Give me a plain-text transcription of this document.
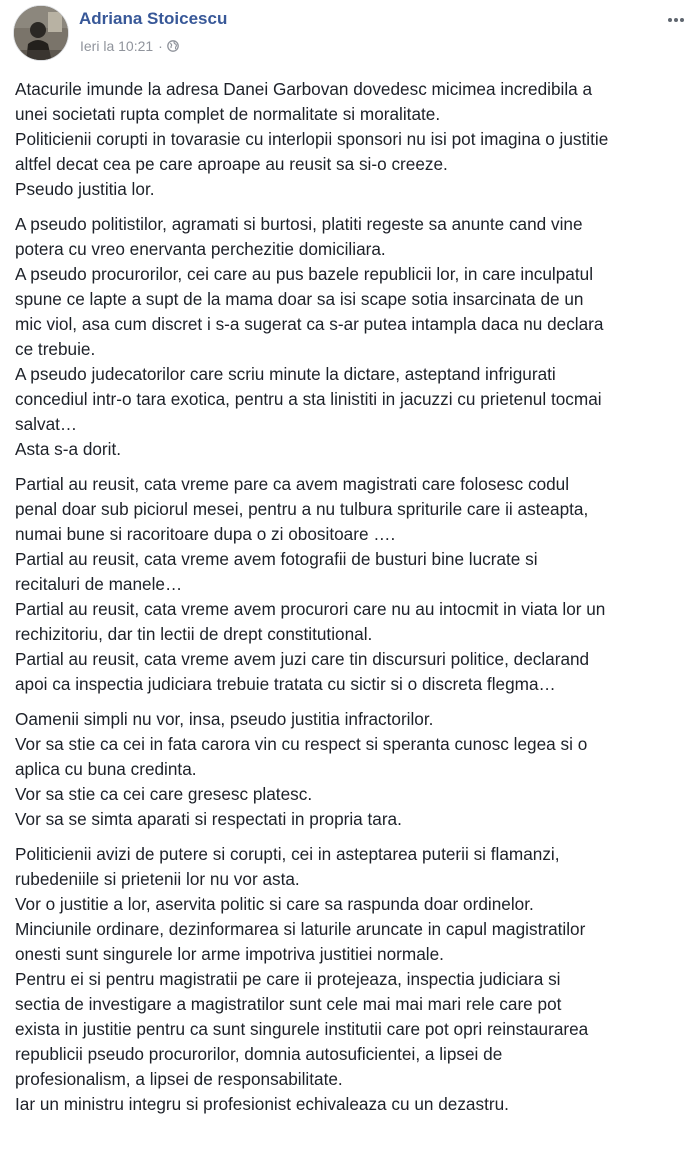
Adriana Stoicescu
Ieri la 10:21 ·
Atacurile imunde la adresa Danei Garbovan dovedesc micimea incredibila a
unei societati rupta complet de normalitate si moralitate.
Politicienii corupti in tovarasie cu interlopii sponsori nu isi pot imagina o justitie
altfel decat cea pe care aproape au reusit sa si-o creeze.
Pseudo justitia lor.
A pseudo politistilor, agramati si burtosi, platiti regeste sa anunte cand vine
potera cu vreo enervanta perchezitie domiciliara.
A pseudo procurorilor, cei care au pus bazele republicii lor, in care inculpatul
spune ce lapte a supt de la mama doar sa isi scape sotia insarcinata de un
mic viol, asa cum discret i s-a sugerat ca s-ar putea intampla daca nu declara
ce trebuie.
A pseudo judecatorilor care scriu minute la dictare, asteptand infrigurati
concediul intr-o tara exotica, pentru a sta linistiti in jacuzzi cu prietenul tocmai
salvat…
Asta s-a dorit.
Partial au reusit, cata vreme pare ca avem magistrati care folosesc codul
penal doar sub piciorul mesei, pentru a nu tulbura spriturile care ii asteapta,
numai bune si racoritoare dupa o zi obositoare ….
Partial au reusit, cata vreme avem fotografii de busturi bine lucrate si
recitaluri de manele…
Partial au reusit, cata vreme avem procurori care nu au intocmit in viata lor un
rechizitoriu, dar tin lectii de drept constitutional.
Partial au reusit, cata vreme avem juzi care tin discursuri politice, declarand
apoi ca inspectia judiciara trebuie tratata cu sictir si o discreta flegma…
Oamenii simpli nu vor, insa, pseudo justitia infractorilor.
Vor sa stie ca cei in fata carora vin cu respect si speranta cunosc legea si o
aplica cu buna credinta.
Vor sa stie ca cei care gresesc platesc.
Vor sa se simta aparati si respectati in propria tara.
Politicienii avizi de putere si corupti, cei in asteptarea puterii si flamanzi,
rubedeniile si prietenii lor nu vor asta.
Vor o justitie a lor, aservita politic si care sa raspunda doar ordinelor.
Minciunile ordinare, dezinformarea si laturile aruncate in capul magistratilor
onesti sunt singurele lor arme impotriva justitiei normale.
Pentru ei si pentru magistratii pe care ii protejeaza, inspectia judiciara si
sectia de investigare a magistratilor sunt cele mai mai mari rele care pot
exista in justitie pentru ca sunt singurele institutii care pot opri reinstaurarea
republicii pseudo procurorilor, domnia autosuficientei, a lipsei de
profesionalism, a lipsei de responsabilitate.
Iar un ministru integru si profesionist echivaleaza cu un dezastru.
